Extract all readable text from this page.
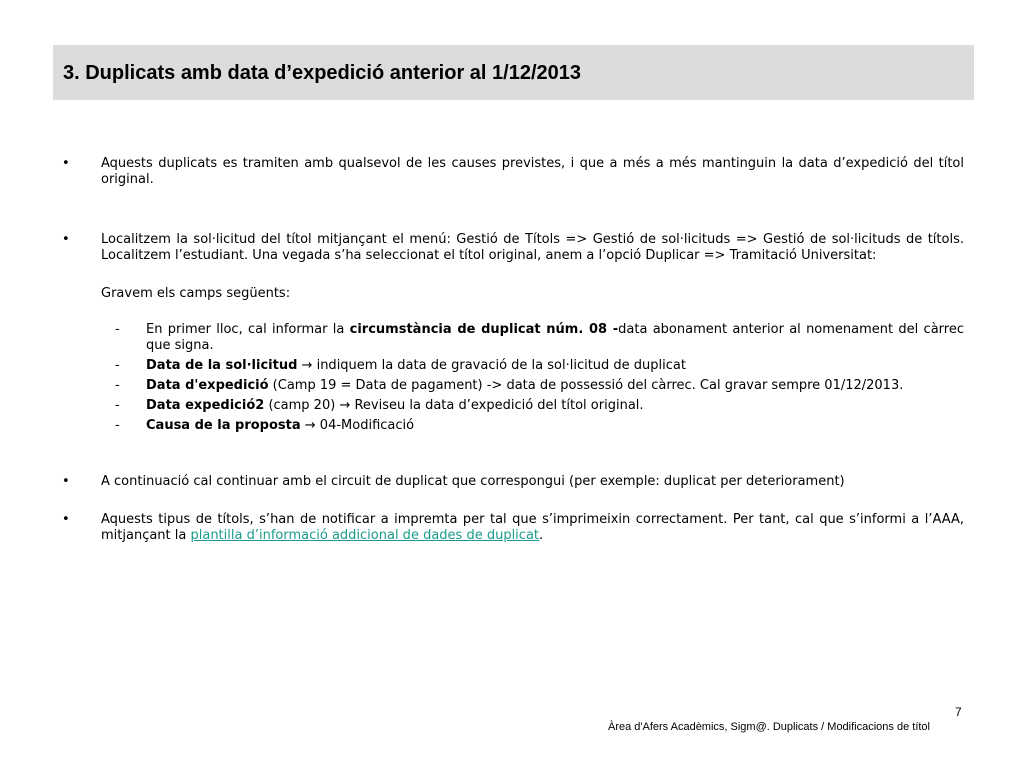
3. Duplicats amb data d’expedició anterior al 1/12/2013
• Aquests duplicats es tramiten amb qualsevol de les causes previstes, i que a més a més mantinguin la data d’expedició del títol original.

• Localitzem la sol·licitud del títol mitjançant el menú: Gestió de Títols => Gestió de sol·licituds => Gestió de sol·licituds de títols. Localitzem l’estudiant. Una vegada s’ha seleccionat el títol original, anem a l’opció Duplicar => Tramitació Universitat:

Gravem els camps següents:

- En primer lloc, cal informar la circumstància de duplicat núm. 08 -data abonament anterior al nomenament del càrrec que signa.

- Data de la sol·licitud → indiquem la data de gravació de la sol·licitud de duplicat

- Data d'expedició (Camp 19 = Data de pagament) -> data de possessió del càrrec. Cal gravar sempre 01/12/2013.

- Data expedició2 (camp 20) → Reviseu la data d’expedició del títol original.

- Causa de la proposta → 04-Modificació

• A continuació cal continuar amb el circuit de duplicat que correspongui (per exemple: duplicat per deteriorament)

• Aquests tipus de títols, s’han de notificar a impremta per tal que s’imprimeixin correctament. Per tant, cal que s’informi a l’AAA, mitjançant la plantilla d’informació addicional de dades de duplicat.

7
Àrea d'Afers Acadèmics, Sigm@. Duplicats / Modificacions de títol
